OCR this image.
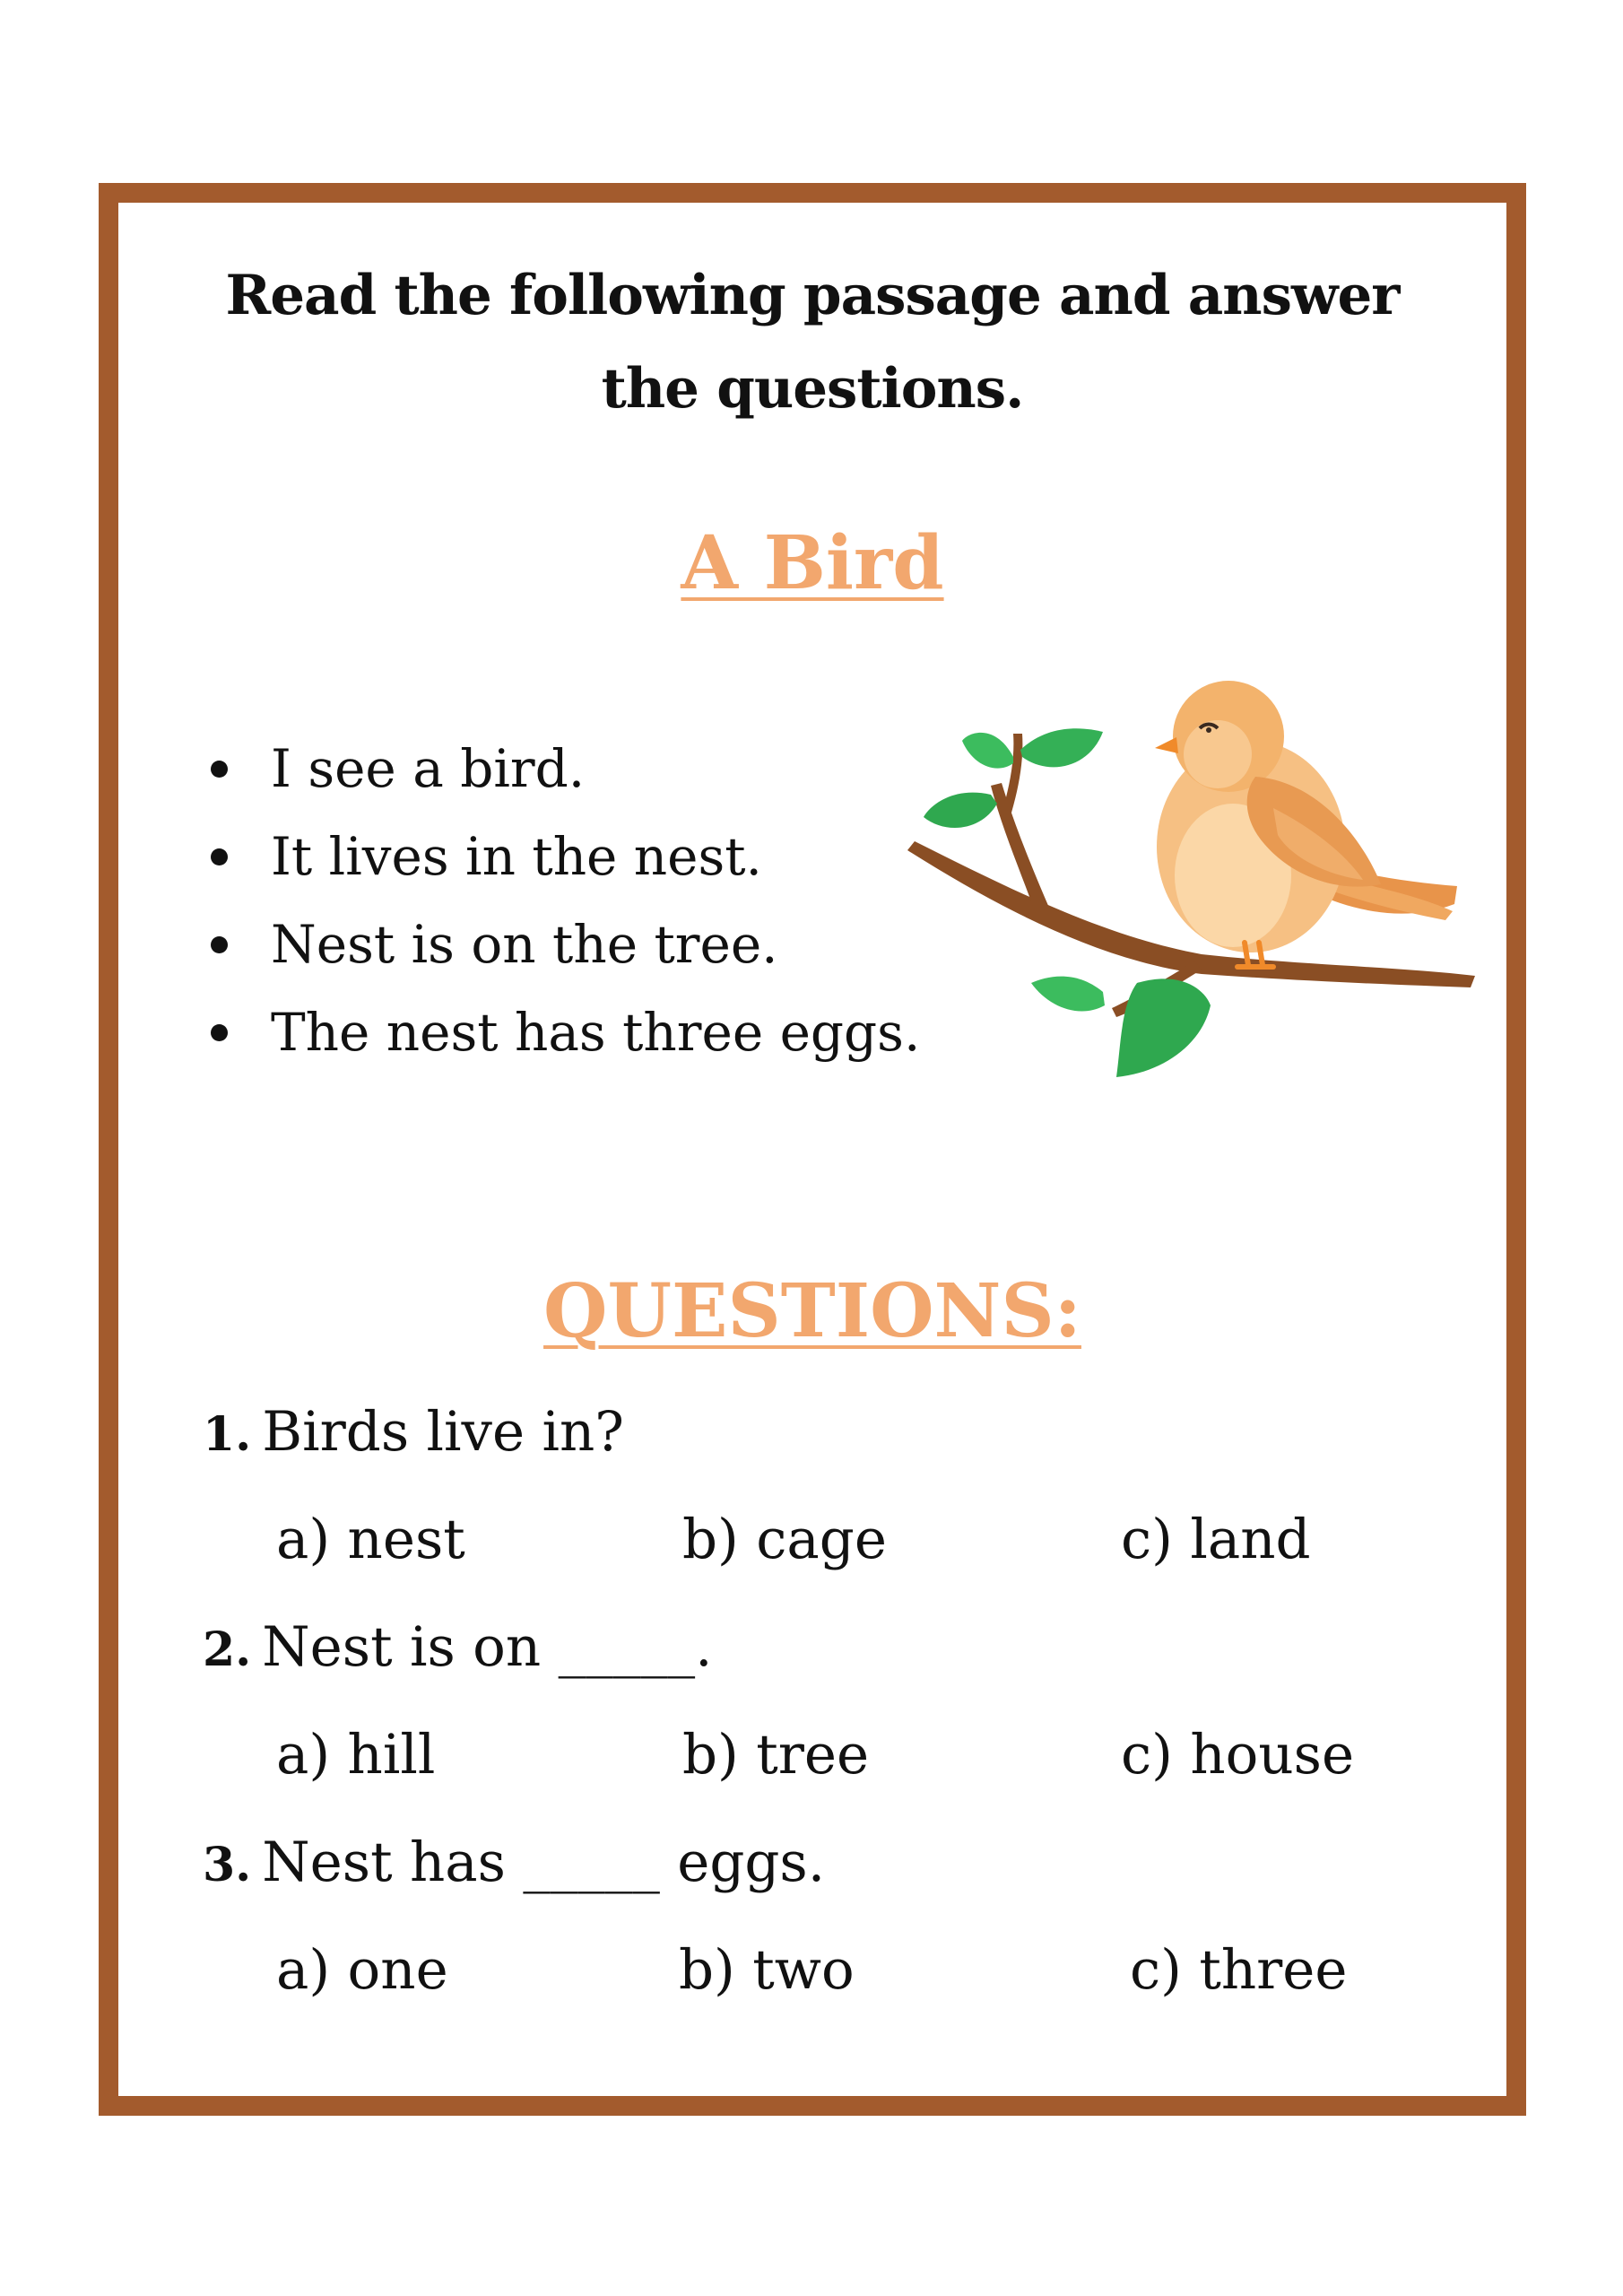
Read the following passage and answer the questions.
A Bird
I see a bird.
It lives in the nest.
Nest is on the tree.
The nest has three eggs.
QUESTIONS:
1. Birds live in?
a) nest	b) cage	c) land
2. Nest is on _____.
a) hill	b) tree	c) house
3. Nest has _____ eggs.
a) one	b) two	c) three
